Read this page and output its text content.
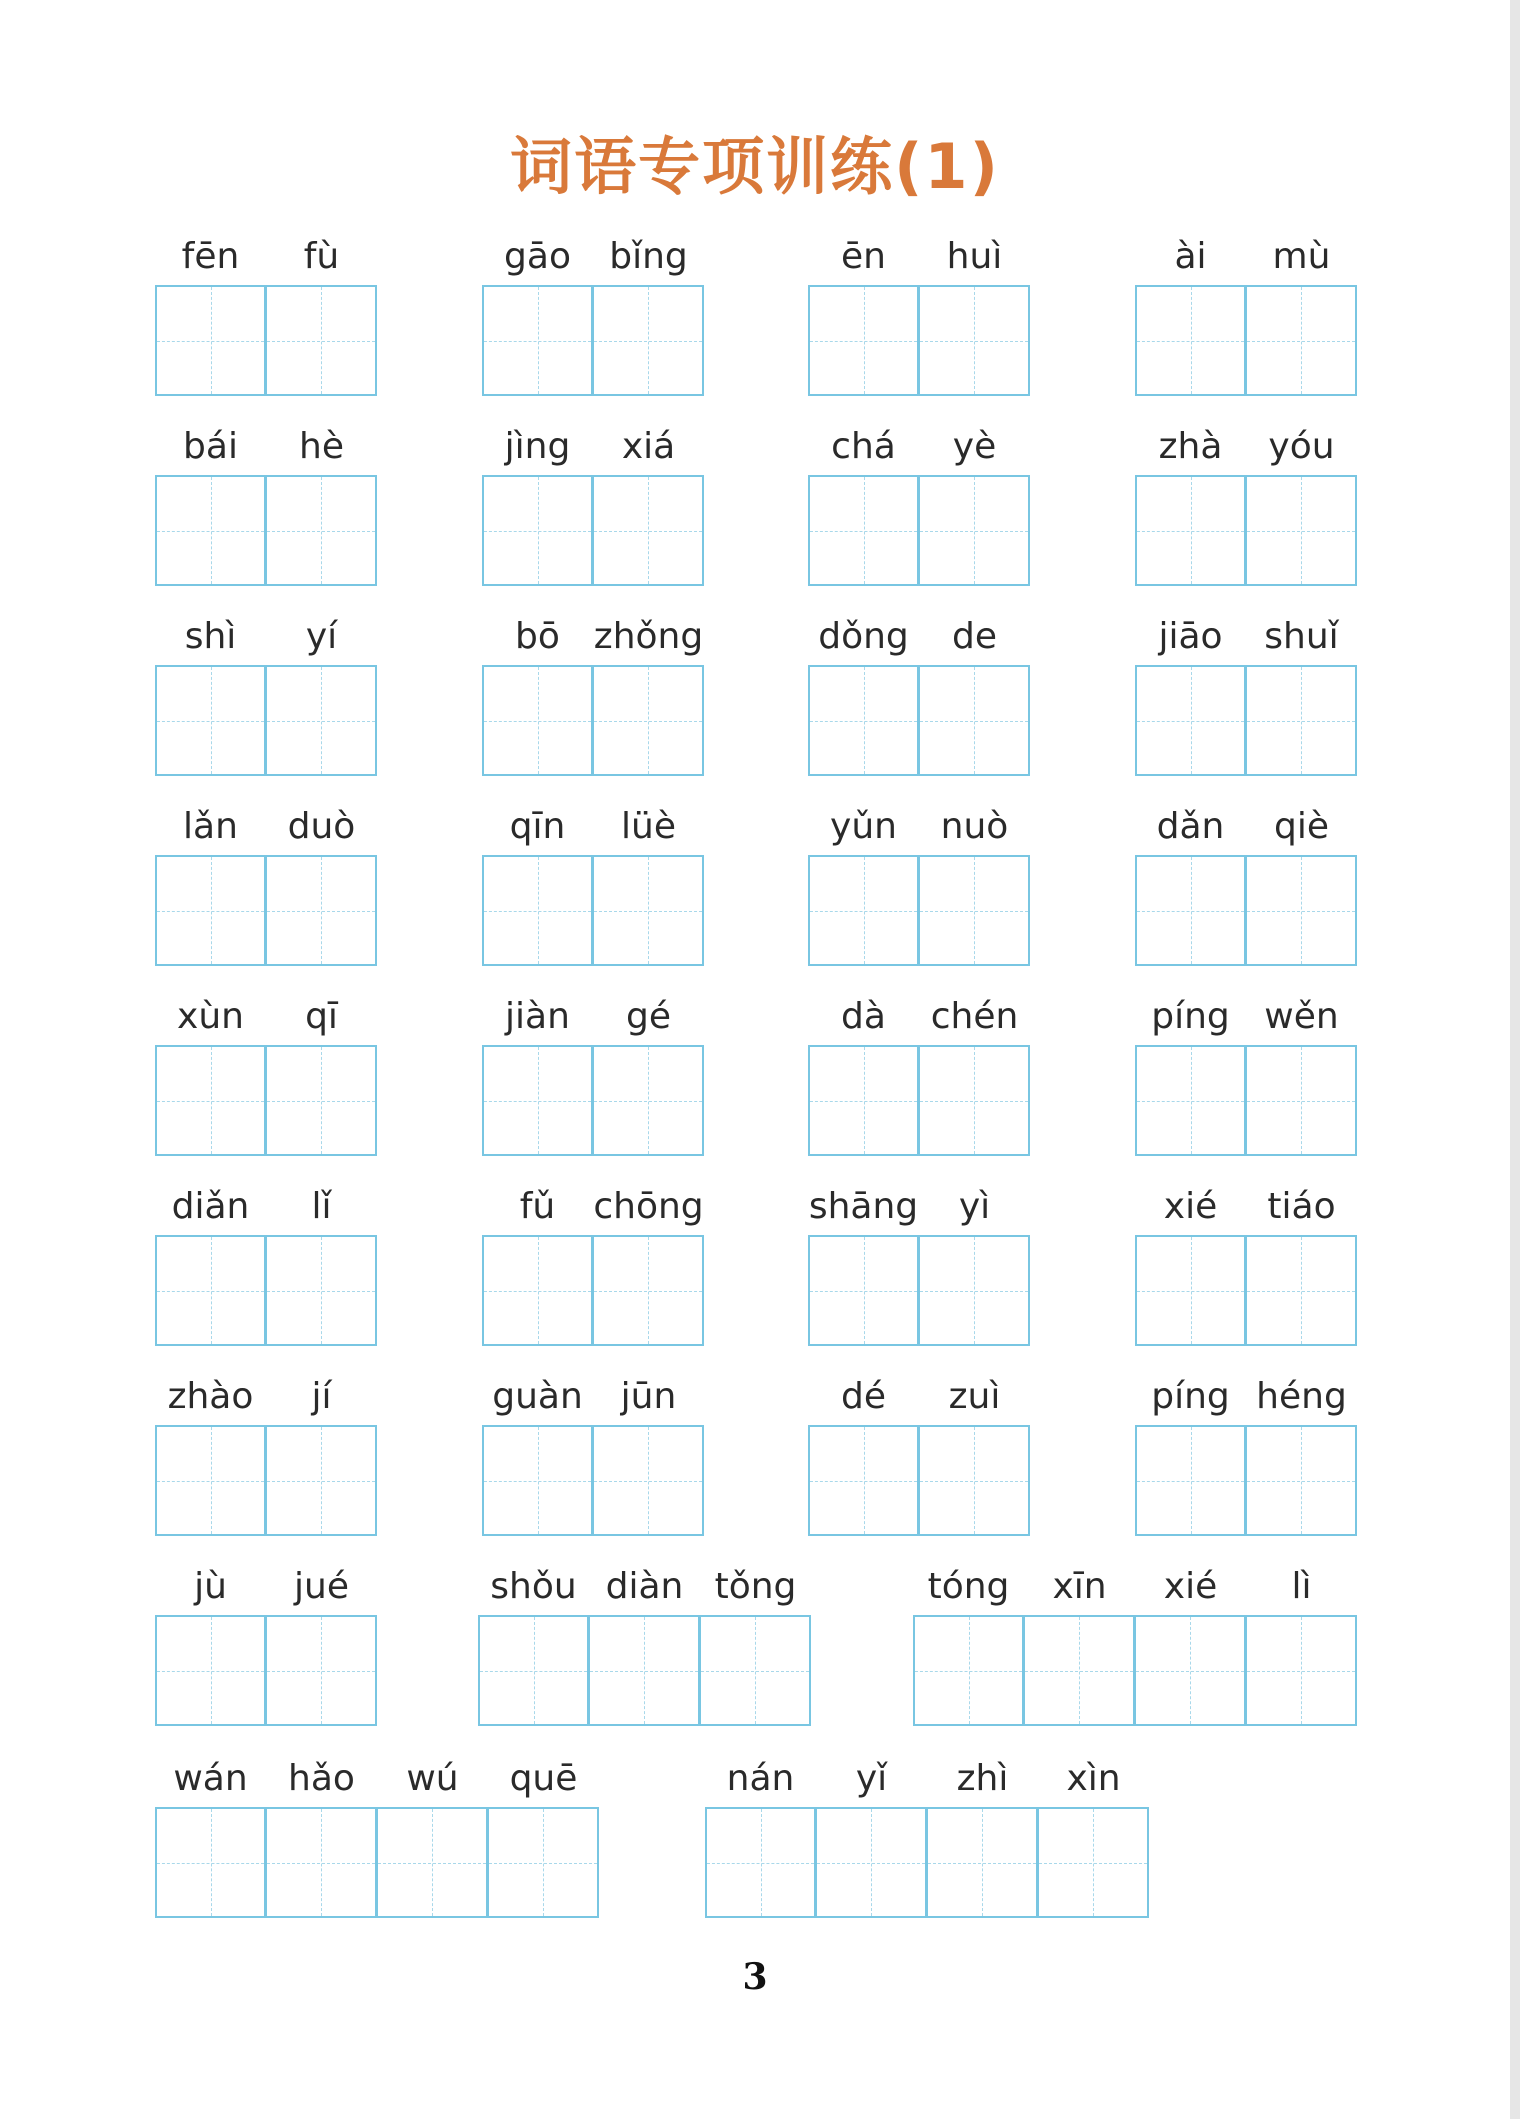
词语专项训练(1)
fēn	fù	gāo	bǐng	ēn	huì	ài	mù
bái	hè	jìng	xiá	chá	yè	zhà	yóu
shì	yí	bō zhǒng	dǒng	de	jiāo	shuǐ
lǎn	duò	qīn	lüè	yǔn	nuò	dǎn	qiè
xùn	qī	jiàn	gé	dà	chén	píng wěn
diǎn	lǐ	fǔ	chōng	shāng	yì	xié	tiáo
zhào	jí	guàn	jūn	dé	zuì	píng héng
jù	jué	shǒu diàn tǒng	tóng	xīn	xié	lì
wán	hǎo	wú	quē	nán	yǐ	zhì	xìn
3
